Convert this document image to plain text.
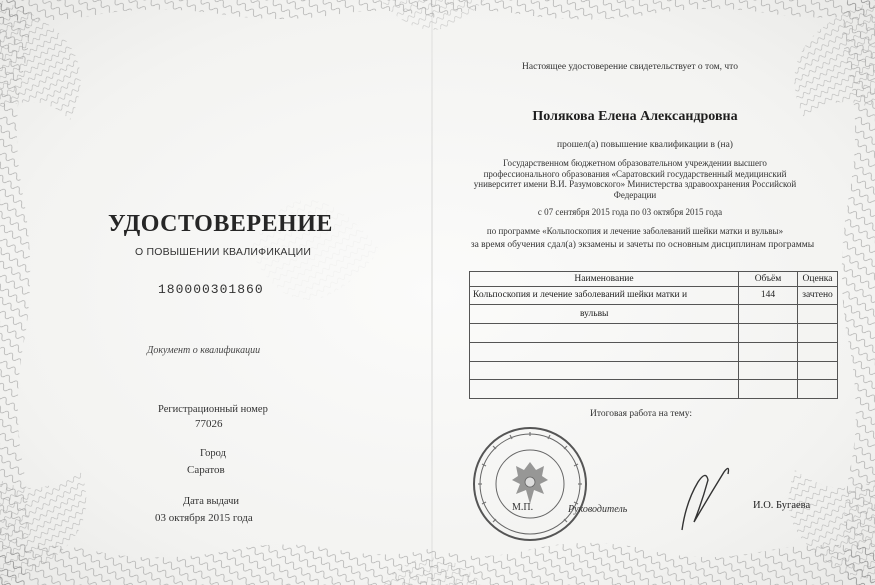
УДОСТОВЕРЕНИЕ
О ПОВЫШЕНИИ КВАЛИФИКАЦИИ
180000301860
Документ о квалификации
Регистрационный номер
77026
Город
Саратов
Дата выдачи
03 октября 2015 года
Настоящее удостоверение свидетельствует о том, что
Полякова Елена Александровна
прошел(а) повышение квалификации в (на)
Государственном бюджетном образовательном учреждении высшего профессионального образования «Саратовский государственный медицинский университет имени В.И. Разумовского» Министерства здравоохранения Российской Федерации
с 07 сентября 2015 года по 03 октября 2015 года
по программе «Кольпоскопия и лечение заболеваний шейки матки и вульвы»
за время обучения сдал(а) экзамены и зачеты по основным дисциплинам программы
Наименование	Объём	Оценка
Кольпоскопия и лечение заболеваний шейки матки и	144	зачтено
вульвы		

Итоговая работа на тему:
М.П.	Руководитель	И.О. Бугаева
